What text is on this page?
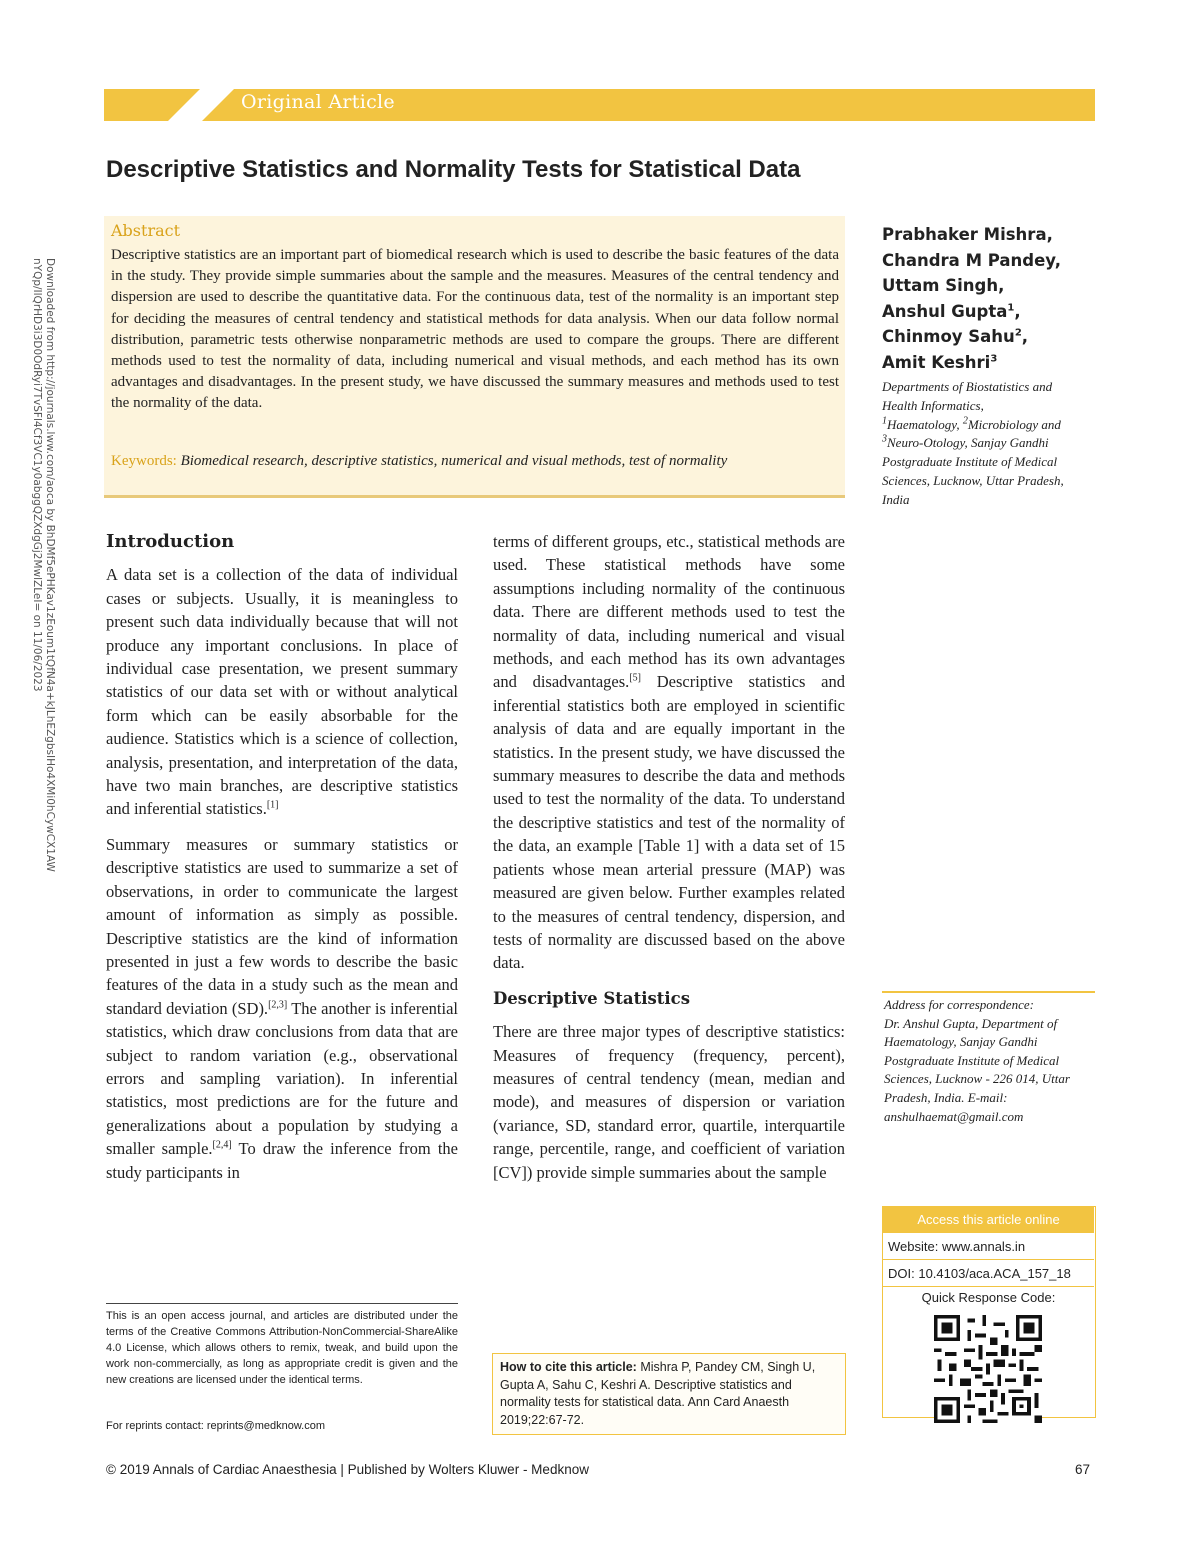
Original Article
Descriptive Statistics and Normality Tests for Statistical Data
Downloaded from http://journals.lww.com/aoca by BhDMf5ePHKav1zEoum1tQfN4a+kJLhEZgbsIHo4XMi0hCywCX1AW nYQp/IlQrHD3i3D0OdRyi7TvSFl4Cf3VC1y0abggQZXdgGj2MwlZLeI= on 11/06/2023
Abstract
Descriptive statistics are an important part of biomedical research which is used to describe the basic features of the data in the study. They provide simple summaries about the sample and the measures. Measures of the central tendency and dispersion are used to describe the quantitative data. For the continuous data, test of the normality is an important step for deciding the measures of central tendency and statistical methods for data analysis. When our data follow normal distribution, parametric tests otherwise nonparametric methods are used to compare the groups. There are different methods used to test the normality of data, including numerical and visual methods, and each method has its own advantages and disadvantages. In the present study, we have discussed the summary measures and methods used to test the normality of the data.
Keywords: Biomedical research, descriptive statistics, numerical and visual methods, test of normality
Prabhaker Mishra,
Chandra M Pandey,
Uttam Singh,
Anshul Gupta$^1$,
Chinmoy Sahu$^2$,
Amit Keshri$^3$
Departments of Biostatistics and Health Informatics,
$^1$Haematology, $^2$Microbiology and $^3$Neuro-Otology, Sanjay Gandhi Postgraduate Institute of Medical Sciences, Lucknow, Uttar Pradesh, India
Introduction

A data set is a collection of the data of individual cases or subjects. Usually, it is meaningless to present such data individually because that will not produce any important conclusions. In place of individual case presentation, we present summary statistics of our data set with or without analytical form which can be easily absorbable for the audience. Statistics which is a science of collection, analysis, presentation, and interpretation of the data, have two main branches, are descriptive statistics and inferential statistics.[1]

Summary measures or summary statistics or descriptive statistics are used to summarize a set of observations, in order to communicate the largest amount of information as simply as possible. Descriptive statistics are the kind of information presented in just a few words to describe the basic features of the data in a study such as the mean and standard deviation (SD).[2,3] The another is inferential statistics, which draw conclusions from data that are subject to random variation (e.g., observational errors and sampling variation). In inferential statistics, most predictions are for the future and generalizations about a population by studying a smaller sample.[2,4] To draw the inference from the study participants in

This is an open access journal, and articles are distributed under the terms of the Creative Commons Attribution-NonCommercial-ShareAlike 4.0 License, which allows others to remix, tweak, and build upon the work non-commercially, as long as appropriate credit is given and the new creations are licensed under the identical terms.
For reprints contact: reprints@medknow.com

terms of different groups, etc., statistical methods are used. These statistical methods have some assumptions including normality of the continuous data. There are different methods used to test the normality of data, including numerical and visual methods, and each method has its own advantages and disadvantages.[5] Descriptive statistics and inferential statistics both are employed in scientific analysis of data and are equally important in the statistics. In the present study, we have discussed the summary measures to describe the data and methods used to test the normality of the data. To understand the descriptive statistics and test of the normality of the data, an example [Table 1] with a data set of 15 patients whose mean arterial pressure (MAP) was measured are given below. Further examples related to the measures of central tendency, dispersion, and tests of normality are discussed based on the above data.

Descriptive Statistics

There are three major types of descriptive statistics: Measures of frequency (frequency, percent), measures of central tendency (mean, median and mode), and measures of dispersion or variation (variance, SD, standard error, quartile, interquartile range, percentile, range, and coefficient of variation [CV]) provide simple summaries about the sample

How to cite this article: Mishra P, Pandey CM, Singh U, Gupta A, Sahu C, Keshri A. Descriptive statistics and normality tests for statistical data. Ann Card Anaesth 2019;22:67-72.
Address for correspondence:
Dr. Anshul Gupta, Department of Haematology, Sanjay Gandhi Postgraduate Institute of Medical Sciences, Lucknow - 226 014, Uttar Pradesh, India. E-mail: anshulhaemat@gmail.com
Access this article online
Website: www.annals.in
DOI: 10.4103/aca.ACA_157_18
Quick Response Code:
© 2019 Annals of Cardiac Anaesthesia | Published by Wolters Kluwer - Medknow	67
